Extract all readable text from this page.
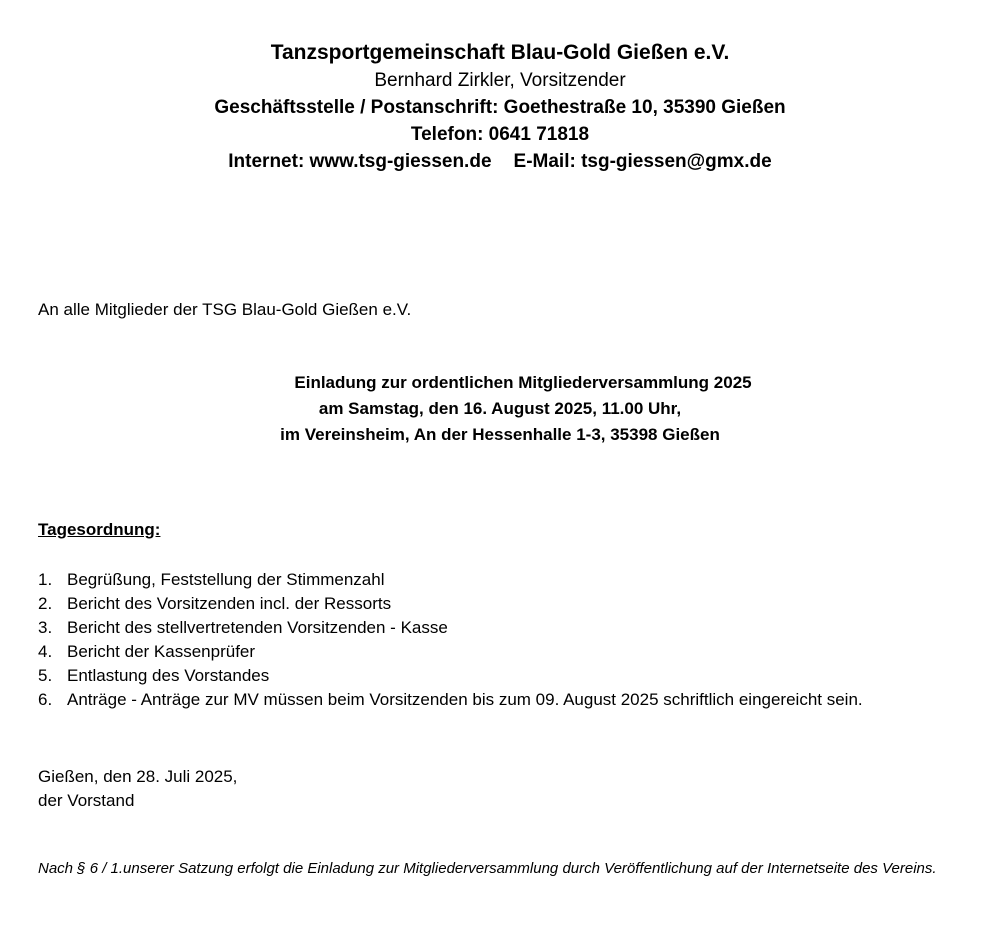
Tanzsportgemeinschaft Blau-Gold Gießen e.V.
Bernhard Zirkler, Vorsitzender
Geschäftsstelle / Postanschrift: Goethestraße 10, 35390 Gießen
Telefon: 0641 71818
Internet: www.tsg-giessen.de E-Mail: tsg-giessen@gmx.de
An alle Mitglieder der TSG Blau-Gold Gießen e.V.
Einladung zur ordentlichen Mitgliederversammlung 2025
am Samstag, den 16. August 2025, 11.00 Uhr,
im Vereinsheim, An der Hessenhalle 1-3, 35398 Gießen
Tagesordnung:
1. Begrüßung, Feststellung der Stimmenzahl
2. Bericht des Vorsitzenden incl. der Ressorts
3. Bericht des stellvertretenden Vorsitzenden - Kasse
4. Bericht der Kassenprüfer
5. Entlastung des Vorstandes
6. Anträge - Anträge zur MV müssen beim Vorsitzenden bis zum 09. August 2025 schriftlich eingereicht sein.
Gießen, den 28. Juli 2025,
der Vorstand
Nach § 6 / 1.unserer Satzung erfolgt die Einladung zur Mitgliederversammlung durch Veröffentlichung auf der Internetseite des Vereins.
